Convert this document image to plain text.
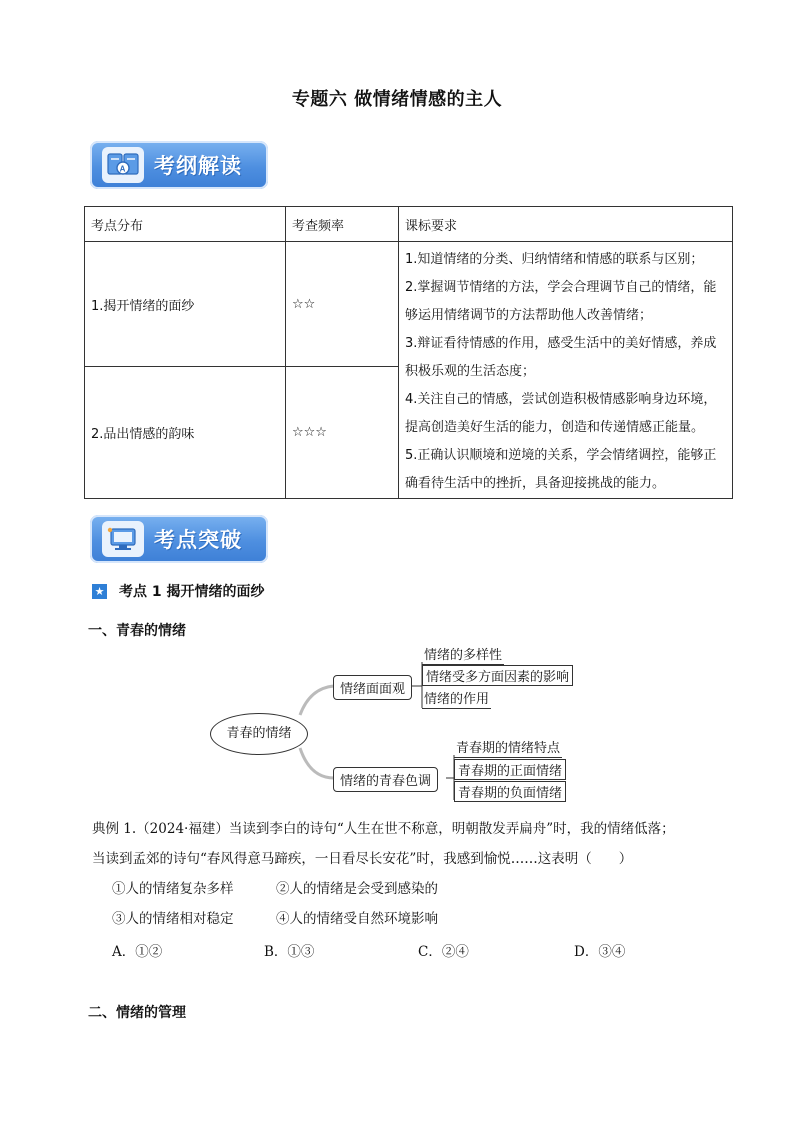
专题六 做情绪情感的主人
A 考纲解读
考点分布	考查频率	课标要求
1.揭开情绪的面纱	☆☆	1.知道情绪的分类、归纳情绪和情感的联系与区别；

2.掌握调节情绪的方法，学会合理调节自己的情绪，能够运用情绪调节的方法帮助他人改善情绪；

3.辩证看待情感的作用，感受生活中的美好情感，养成积极乐观的生活态度；

4.关注自己的情感，尝试创造积极情感影响身边环境，提高创造美好生活的能力，创造和传递情感正能量。

5.正确认识顺境和逆境的关系，学会情绪调控，能够正确看待生活中的挫折，具备迎接挑战的能力。

2.品出情感的韵味	☆☆☆	
考点突破
★ 考点 1 揭开情绪的面纱
一、青春的情绪
青春的情绪
情绪面面观
情绪的多样性
情绪受多方面因素的影响
情绪的作用
情绪的青春色调
青春期的情绪特点
青春期的正面情绪
青春期的负面情绪
典例 1.（2024·福建）当读到李白的诗句“人生在世不称意，明朝散发弄扁舟”时，我的情绪低落；
当读到孟郊的诗句“春风得意马蹄疾，一日看尽长安花”时，我感到愉悦……这表明（　　）
①人的情绪复杂多样	②人的情绪是会受到感染的
③人的情绪相对稳定	④人的情绪受自然环境影响
A．①②	B．①③	C．②④	D．③④
二、情绪的管理
